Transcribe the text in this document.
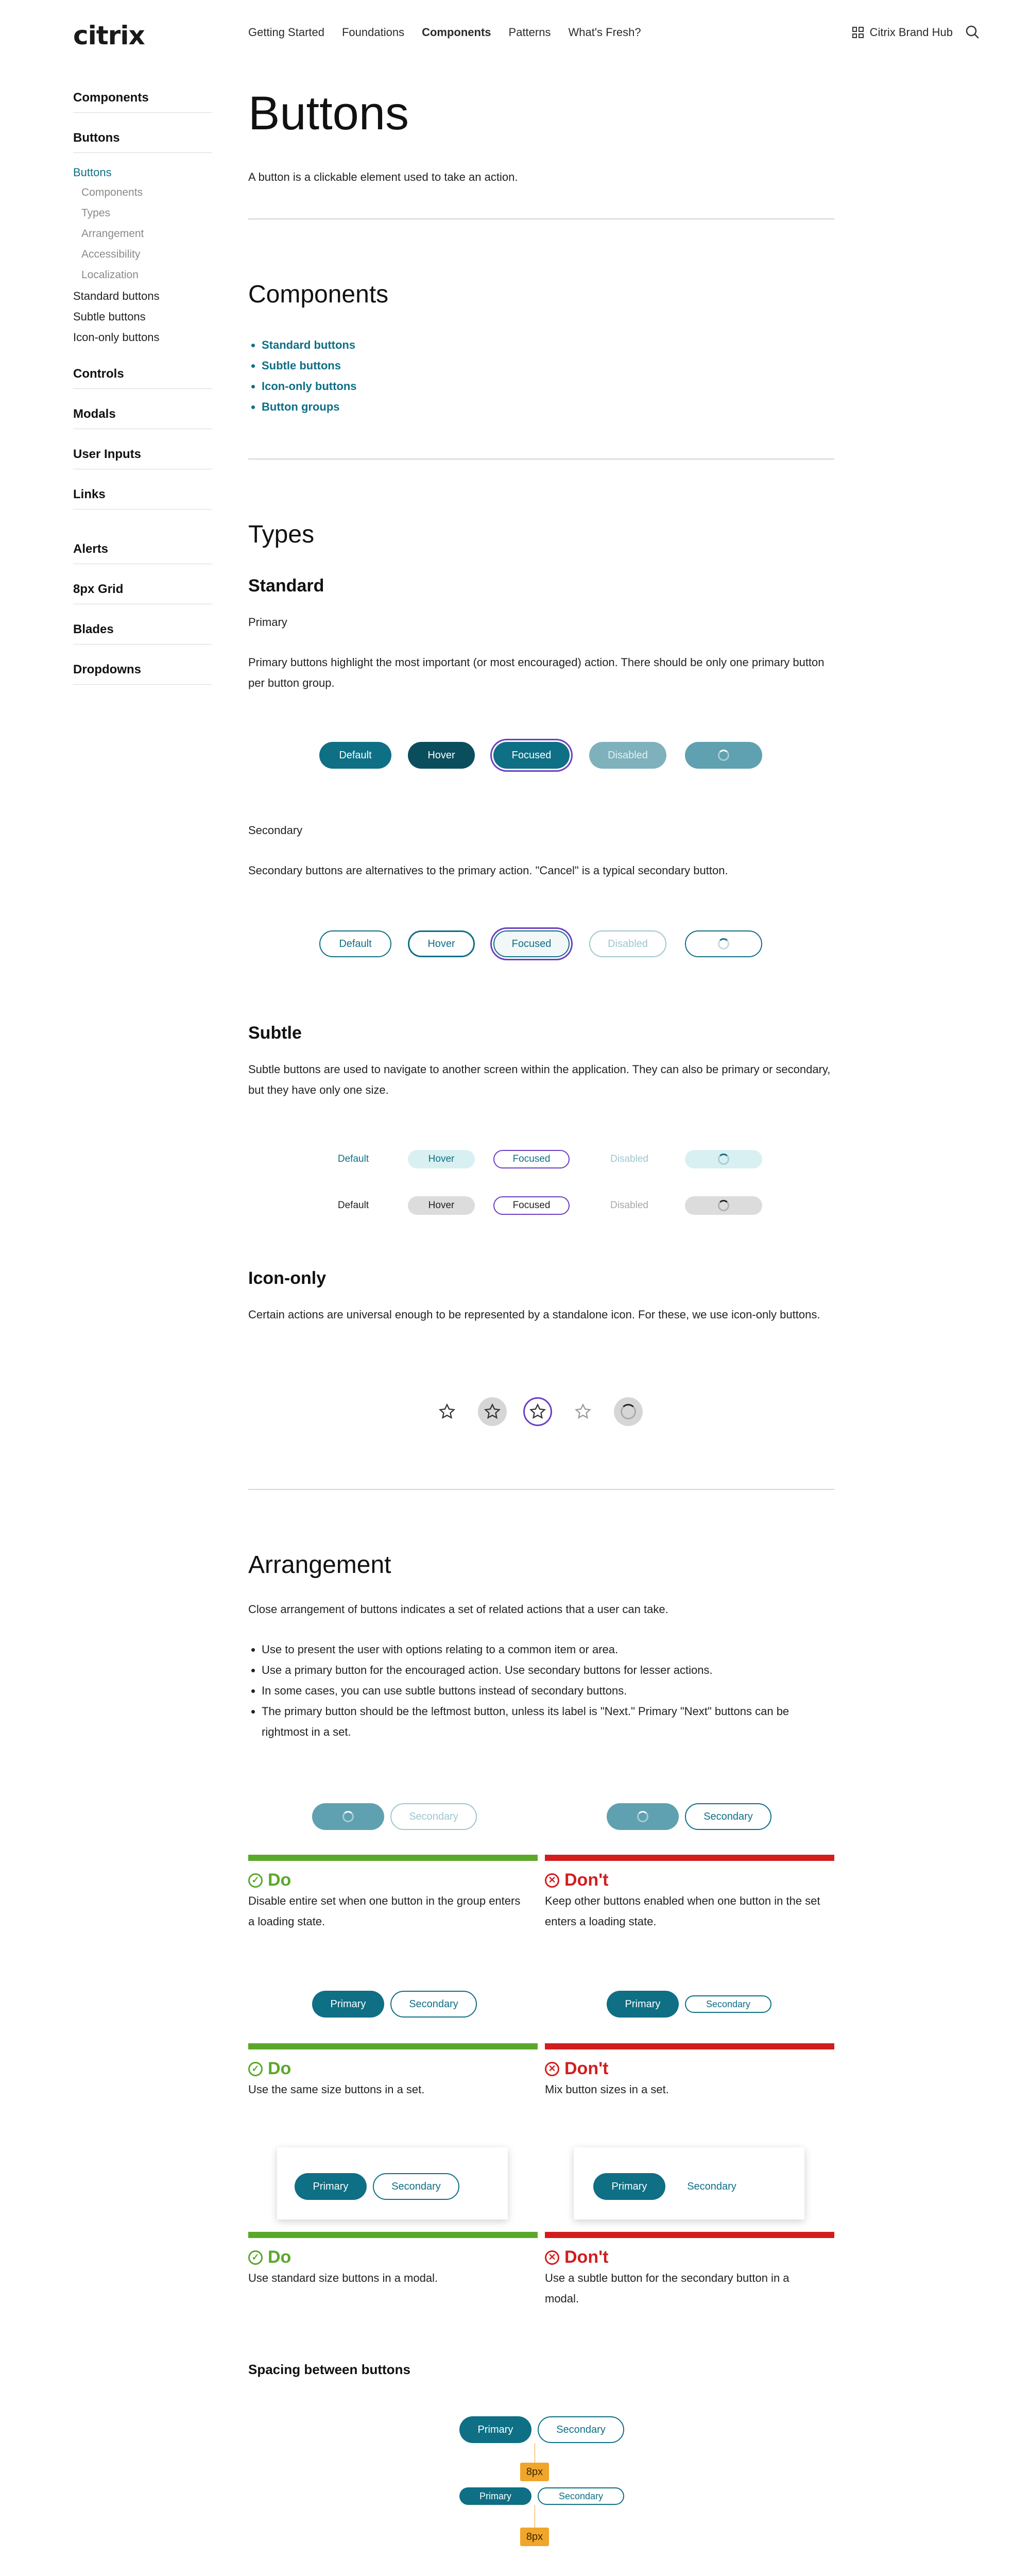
citrix	Getting Started Foundations Components Patterns What's Fresh?	Citrix Brand Hub
Components
Buttons
Buttons
Components
Types
Arrangement
Accessibility
Localization
Standard buttons
Subtle buttons
Icon-only buttons
Controls
Modals
User Inputs
Links
Alerts
8px Grid
Blades
Dropdowns
Buttons
A button is a clickable element used to take an action.
Components
• Standard buttons
• Subtle buttons
• Icon-only buttons
• Button groups
Types
Standard
Primary
Primary buttons highlight the most important (or most encouraged) action. There should be only one primary button per button group.
Default	Hover	Focused	Disabled
Secondary
Secondary buttons are alternatives to the primary action. "Cancel" is a typical secondary button.
Default	Hover	Focused	Disabled
Subtle
Subtle buttons are used to navigate to another screen within the application. They can also be primary or secondary, but they have only one size.
Default	Hover	Focused	Disabled
Default	Hover	Focused	Disabled
Icon-only
Certain actions are universal enough to be represented by a standalone icon. For these, we use icon-only buttons.
Arrangement
Close arrangement of buttons indicates a set of related actions that a user can take.
• Use to present the user with options relating to a common item or area.
• Use a primary button for the encouraged action. Use secondary buttons for lesser actions.
• In some cases, you can use subtle buttons instead of secondary buttons.
• The primary button should be the leftmost button, unless its label is "Next." Primary "Next" buttons can be rightmost in a set.
Secondary	Secondary
✓ Do	✕ Don't
Disable entire set when one button in the group enters a loading state.
Keep other buttons enabled when one button in the set enters a loading state.
Primary	Secondary	Primary	Secondary
✓ Do	✕ Don't
Use the same size buttons in a set.	Mix button sizes in a set.
Primary	Secondary	Primary	Secondary
✓ Do	✕ Don't
Use standard size buttons in a modal.	Use a subtle button for the secondary button in a modal.
Spacing between buttons
Primary	Secondary
8px
Primary	Secondary
8px
